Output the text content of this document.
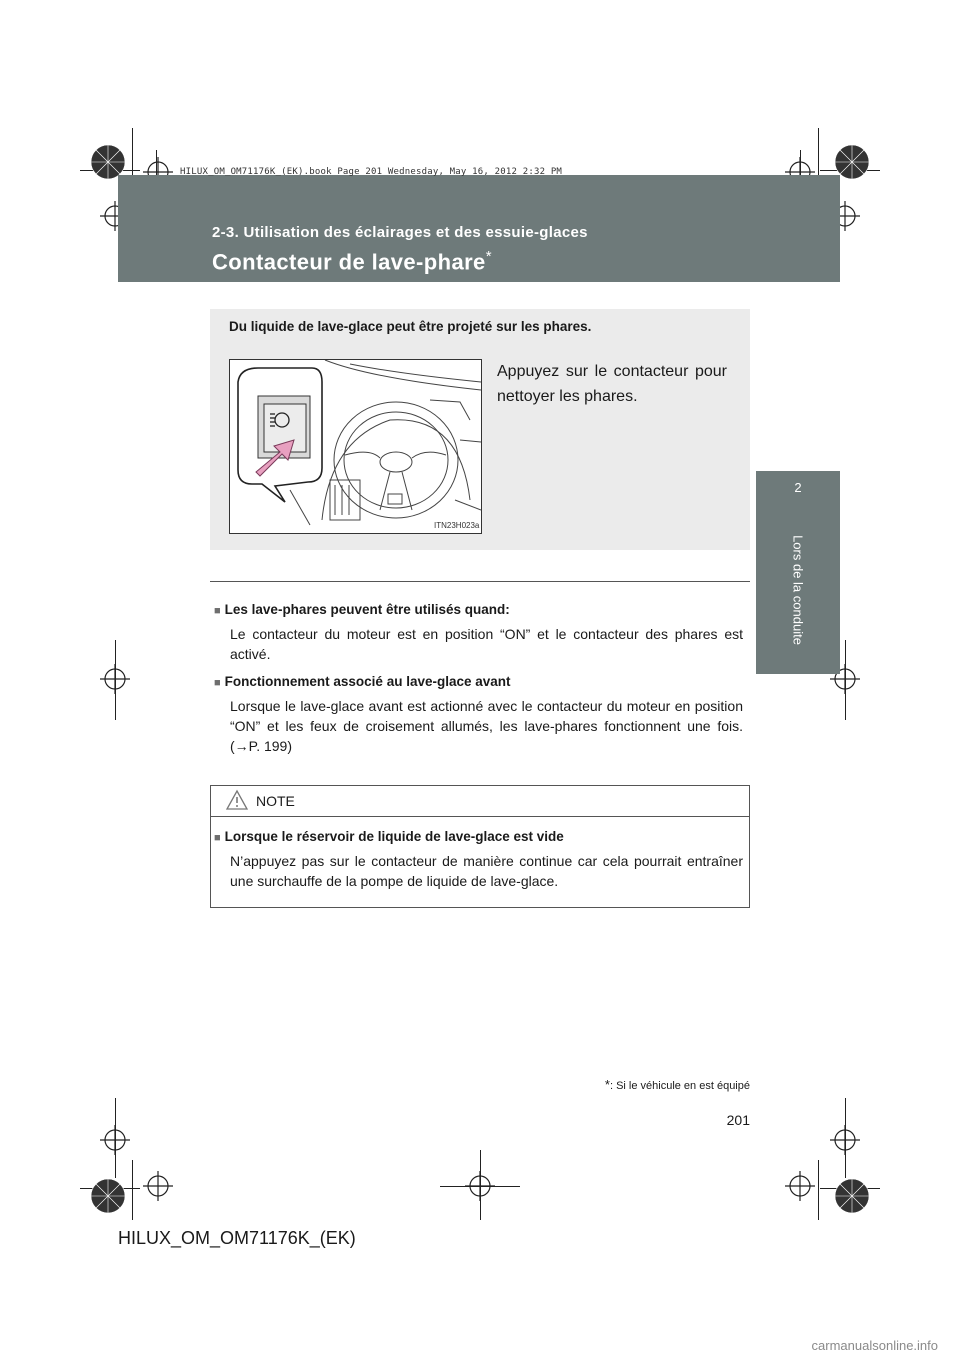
HILUX_OM_OM71176K_(EK).book Page 201 Wednesday, May 16, 2012 2:32 PM
2-3. Utilisation des éclairages et des essuie-glaces
Contacteur de lave-phare*
2
Lors de la conduite
Du liquide de lave-glace peut être projeté sur les phares.
Appuyez sur le contacteur pour nettoyer les phares.
ITN23H023a
■ Les lave-phares peuvent être utilisés quand:
Le contacteur du moteur est en position “ON” et le contacteur des phares est activé.
■ Fonctionnement associé au lave-glace avant
Lorsque le lave-glace avant est actionné avec le contacteur du moteur en position “ON” et les feux de croisement allumés, les lave-phares fonctionnent une fois. (→P. 199)
NOTE
■ Lorsque le réservoir de liquide de lave-glace est vide
N’appuyez pas sur le contacteur de manière continue car cela pourrait entraîner une surchauffe de la pompe de liquide de lave-glace.
*: Si le véhicule en est équipé
201
HILUX_OM_OM71176K_(EK)
carmanualsonline.info
